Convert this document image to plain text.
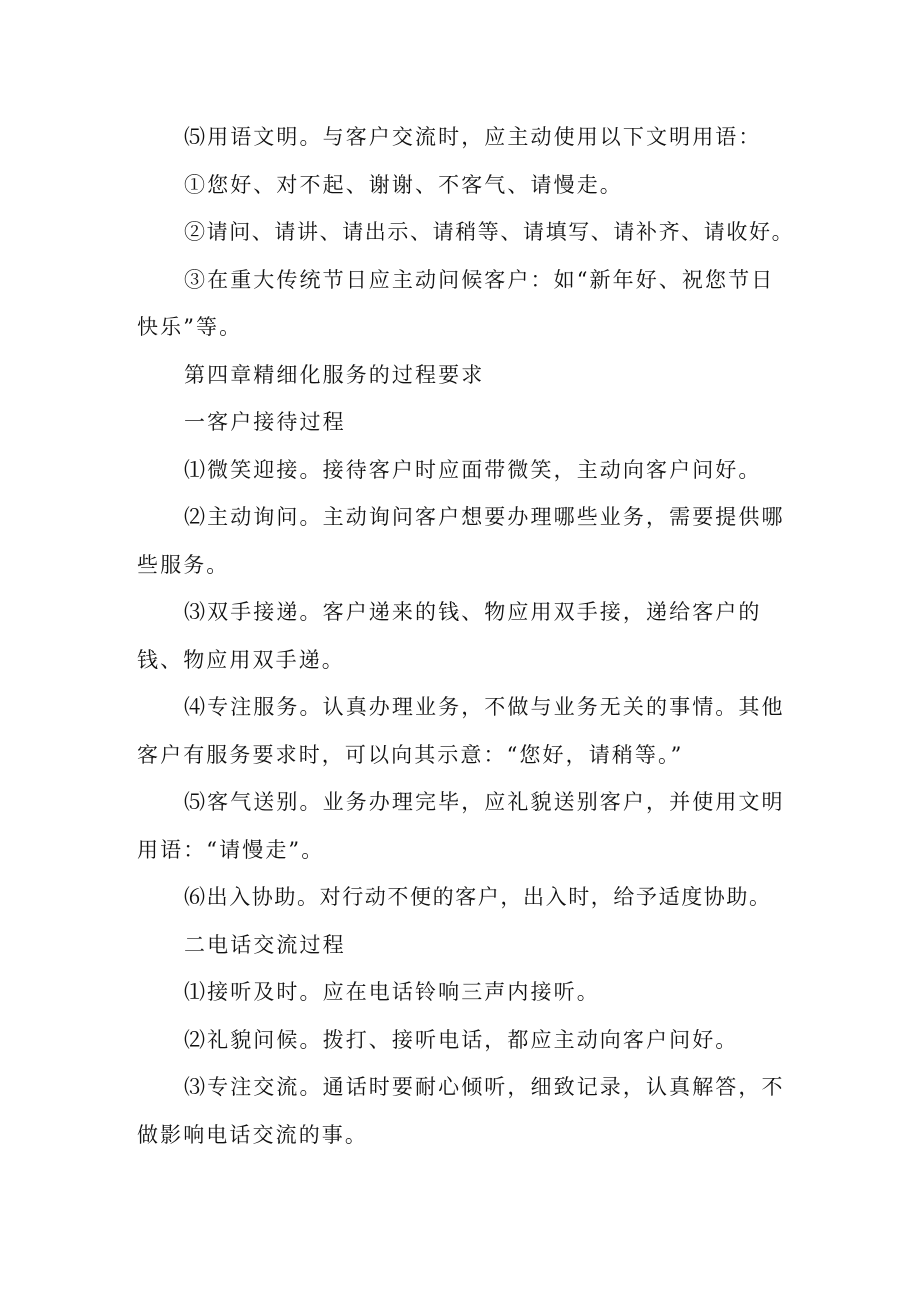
⑸用语文明。与客户交流时，应主动使用以下文明用语：

①您好、对不起、谢谢、不客气、请慢走。

②请问、请讲、请出示、请稍等、请填写、请补齐、请收好。

③在重大传统节日应主动问候客户：如“新年好、祝您节日快乐”等。

第四章精细化服务的过程要求

一客户接待过程

⑴微笑迎接。接待客户时应面带微笑，主动向客户问好。

⑵主动询问。主动询问客户想要办理哪些业务，需要提供哪些服务。

⑶双手接递。客户递来的钱、物应用双手接，递给客户的钱、物应用双手递。

⑷专注服务。认真办理业务，不做与业务无关的事情。其他客户有服务要求时，可以向其示意：“您好，请稍等。”

⑸客气送别。业务办理完毕，应礼貌送别客户，并使用文明用语：“请慢走”。

⑹出入协助。对行动不便的客户，出入时，给予适度协助。

二电话交流过程

⑴接听及时。应在电话铃响三声内接听。

⑵礼貌问候。拨打、接听电话，都应主动向客户问好。

⑶专注交流。通话时要耐心倾听，细致记录，认真解答，不做影响电话交流的事。
